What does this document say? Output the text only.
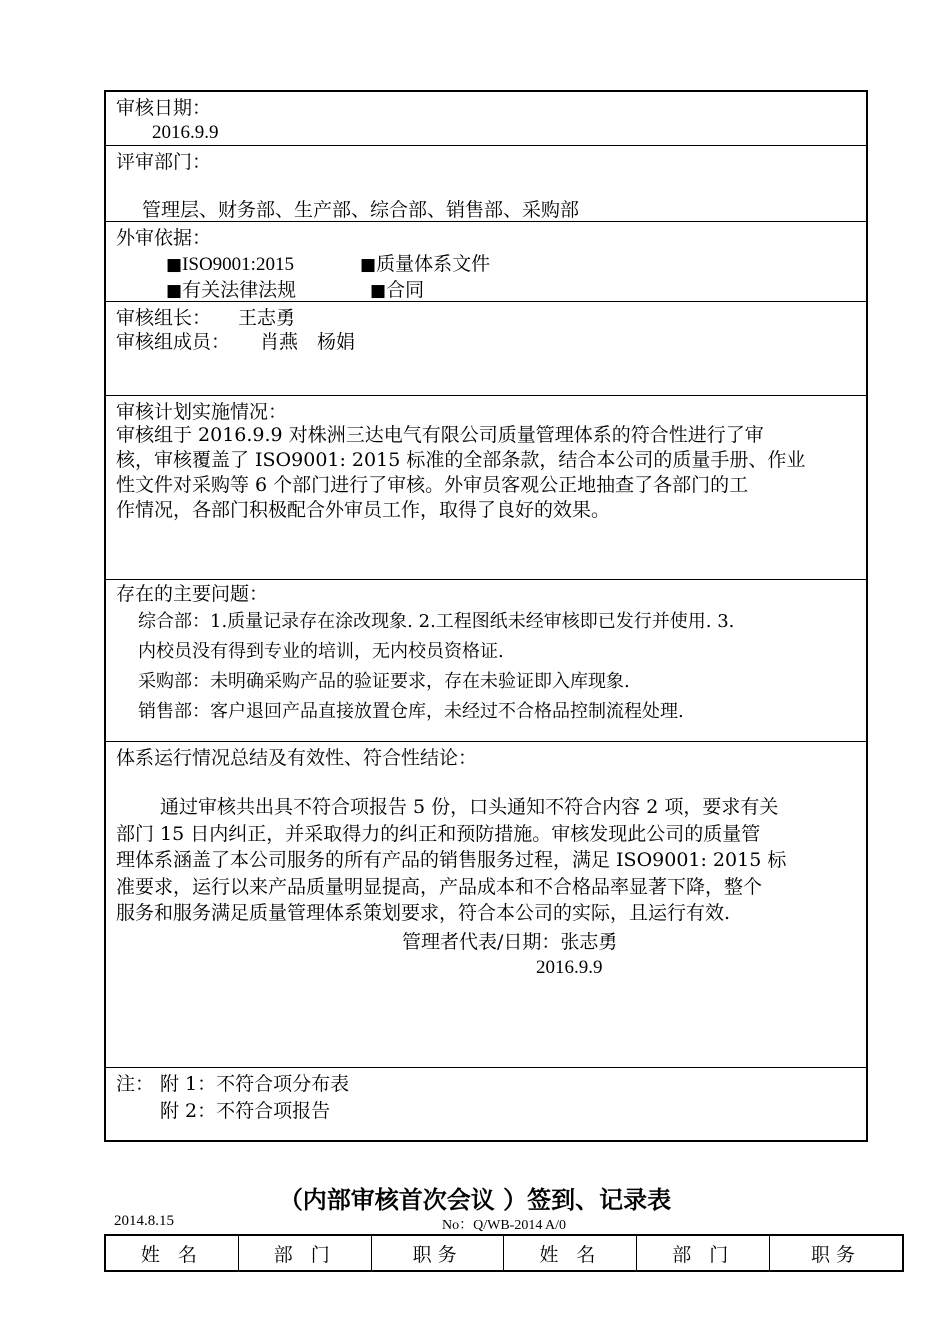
审核日期：
2016.9.9
评审部门：
管理层、财务部、生产部、综合部、销售部、采购部
外审依据：
■ISO9001:2015	■质量体系文件
■有关法律法规	■合同
审核组长： 王志勇
审核组成员： 肖燕　杨娟
审核计划实施情况：
审核组于 2016.9.9 对株洲三达电气有限公司质量管理体系的符合性进行了审
核，审核覆盖了 ISO9001: 2015 标准的全部条款，结合本公司的质量手册、作业
性文件对采购等 6 个部门进行了审核。外审员客观公正地抽查了各部门的工
作情况，各部门积极配合外审员工作，取得了良好的效果。
存在的主要问题：
综合部：1.质量记录存在涂改现象. 2.工程图纸未经审核即已发行并使用. 3.
内校员没有得到专业的培训，无内校员资格证.
采购部：未明确采购产品的验证要求，存在未验证即入库现象.
销售部：客户退回产品直接放置仓库，未经过不合格品控制流程处理.
体系运行情况总结及有效性、符合性结论：
通过审核共出具不符合项报告 5 份，口头通知不符合内容 2 项，要求有关
部门 15 日内纠正，并采取得力的纠正和预防措施。审核发现此公司的质量管
理体系涵盖了本公司服务的所有产品的销售服务过程，满足 ISO9001: 2015 标
准要求，运行以来产品质量明显提高，产品成本和不合格品率显著下降，整个
服务和服务满足质量管理体系策划要求，符合本公司的实际，且运行有效.
管理者代表/日期：张志勇
2016.9.9
注： 附 1：不符合项分布表
附 2：不符合项报告
（内部审核首次会议 ）签到、记录表
2014.8.15	No：Q/WB-2014 A/0
姓 名	部 门	职务	姓 名	部 门	职务
